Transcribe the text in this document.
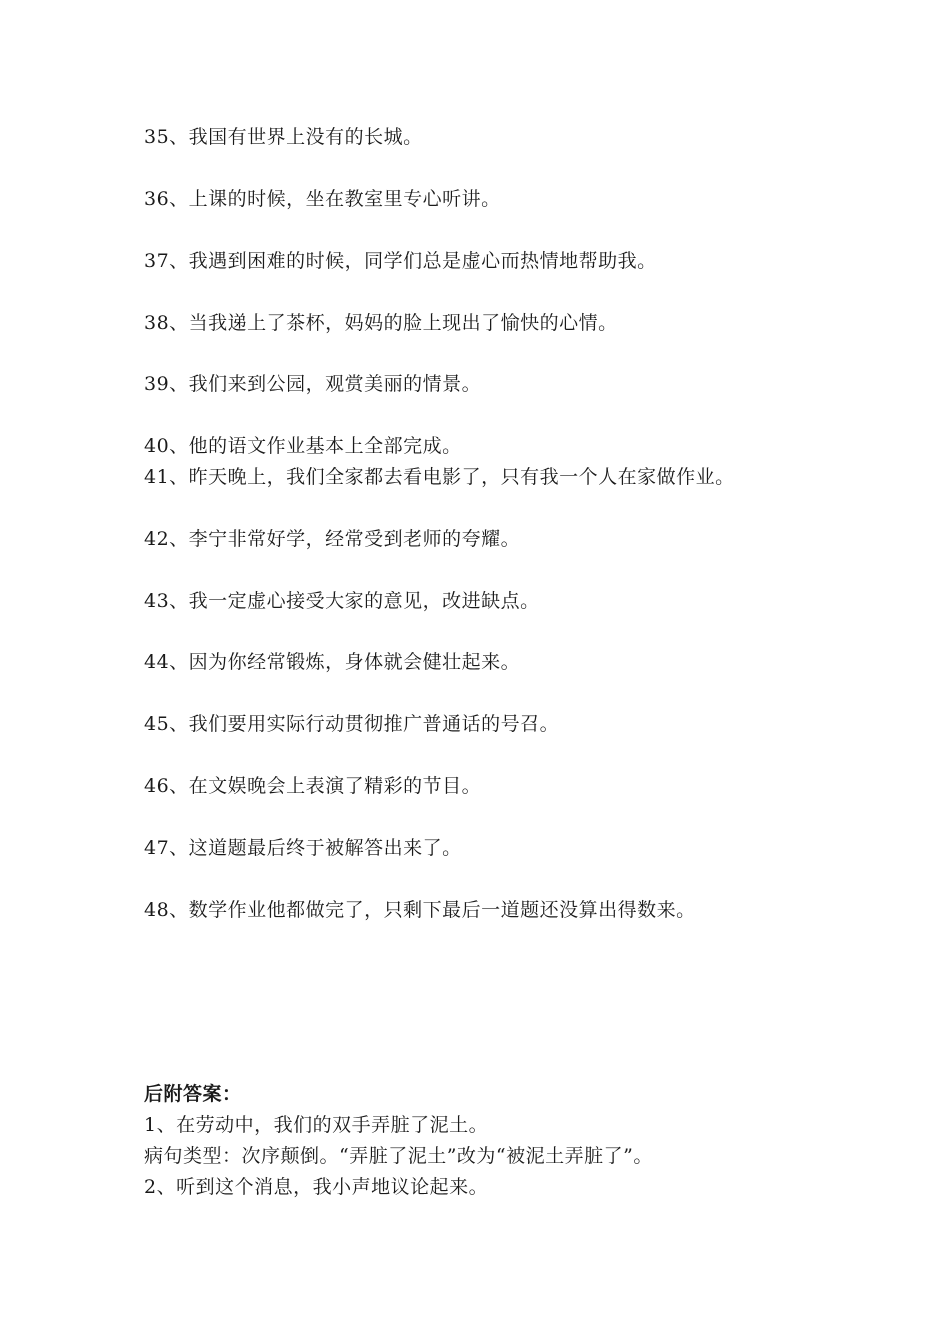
35、我国有世界上没有的长城。
36、上课的时候，坐在教室里专心听讲。
37、我遇到困难的时候，同学们总是虚心而热情地帮助我。
38、当我递上了茶杯，妈妈的脸上现出了愉快的心情。
39、我们来到公园，观赏美丽的情景。
40、他的语文作业基本上全部完成。
41、昨天晚上，我们全家都去看电影了，只有我一个人在家做作业。
42、李宁非常好学，经常受到老师的夸耀。
43、我一定虚心接受大家的意见，改进缺点。
44、因为你经常锻炼，身体就会健壮起来。
45、我们要用实际行动贯彻推广普通话的号召。
46、在文娱晚会上表演了精彩的节目。
47、这道题最后终于被解答出来了。
48、数学作业他都做完了，只剩下最后一道题还没算出得数来。
后附答案：
1、在劳动中，我们的双手弄脏了泥土。
病句类型：次序颠倒。“弄脏了泥土”改为“被泥土弄脏了”。
2、听到这个消息，我小声地议论起来。
